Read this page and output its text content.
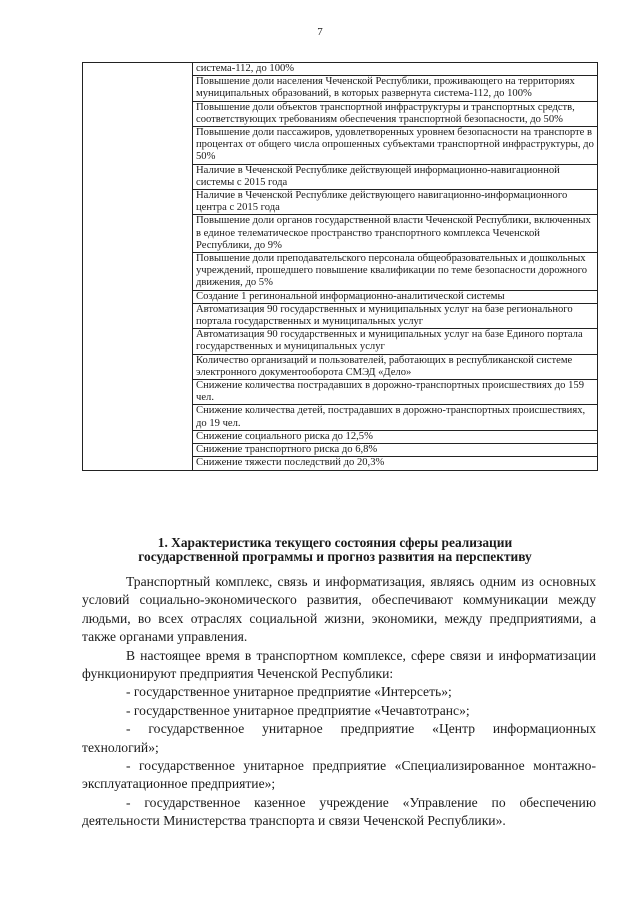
7
	система-112, до 100%
	Повышение доли населения Чеченской Республики, проживающего на территориях муниципальных образований, в которых развернута система-112, до 100%
	Повышение доли объектов транспортной инфраструктуры и транспортных средств, соответствующих требованиям обеспечения транспортной безопасности, до 50%
	Повышение доли пассажиров, удовлетворенных уровнем безопасности на транспорте в процентах от общего числа опрошенных субъектами транспортной инфраструктуры, до 50%
	Наличие в Чеченской Республике действующей информационно-навигационной системы с 2015 года
	Наличие в Чеченской Республике действующего навигационно-информационного центра с 2015 года
	Повышение доли органов государственной власти Чеченской Республики, включенных в единое телематическое пространство транспортного комплекса Чеченской Республики, до 9%
	Повышение доли преподавательского персонала общеобразовательных и дошкольных учреждений, прошедшего повышение квалификации по теме безопасности дорожного движения, до 5%
	Создание 1 регинональной информационно-аналитической системы
	Автоматизация 90 государственных и муниципальных услуг на базе регионального портала государственных и муниципальных услуг
	Автоматизация 90 государственных и муниципальных услуг на базе Единого портала государственных и муниципальных услуг
	Количество организаций и пользователей, работающих в республиканской системе электронного документооборота СМЭД «Дело»
	Снижение количества пострадавших в дорожно-транспортных происшествиях до 159 чел.
	Снижение количества детей, пострадавших в дорожно-транспортных происшествиях, до 19 чел.
	Снижение социального риска до 12,5%
	Снижение транспортного риска до 6,8%
	Снижение тяжести последствий до 20,3%
1. Характеристика текущего состояния сферы реализации
государственной программы и прогноз развития на перспективу

Транспортный комплекс, связь и информатизация, являясь одним из основных условий социально-экономического развития, обеспечивают коммуникации между людьми, во всех отраслях социальной жизни, экономики, между предприятиями, а также органами управления.

В настоящее время в транспортном комплексе, сфере связи и информатизации функционируют предприятия Чеченской Республики:

- государственное унитарное предприятие «Интерсеть»;

- государственное унитарное предприятие «Чечавтотранс»;

- государственное унитарное предприятие «Центр информационных технологий»;

- государственное унитарное предприятие «Специализированное монтажно-эксплуатационное предприятие»;

- государственное казенное учреждение «Управление по обеспечению деятельности Министерства транспорта и связи Чеченской Республики».
